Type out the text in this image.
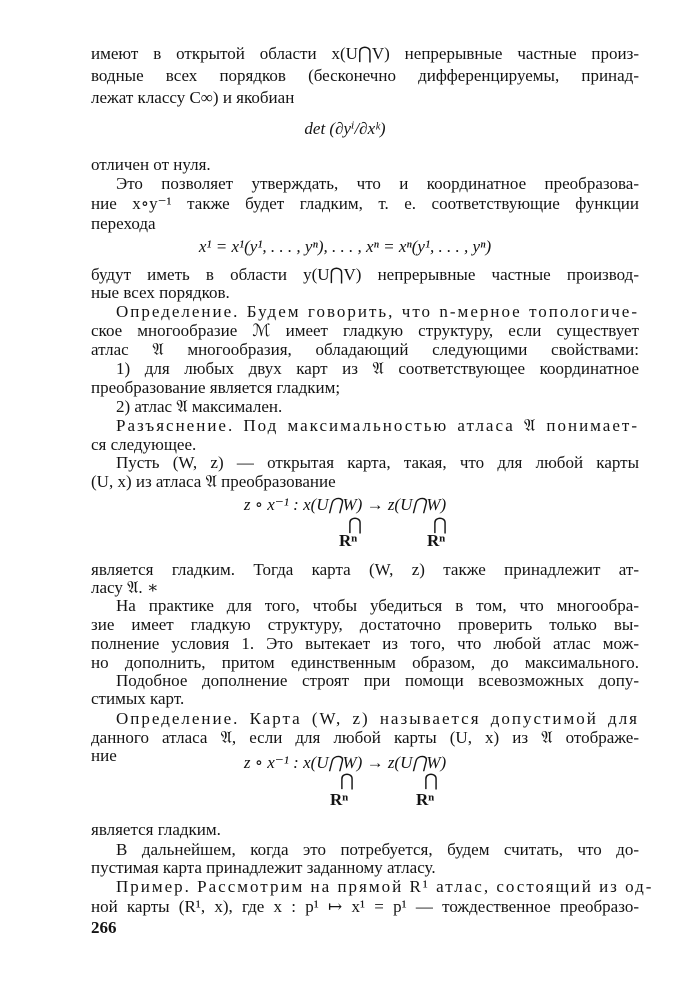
имеют в открытой области x(U⋂V) непрерывные частные произ-
водные всех порядков (бесконечно дифференцируемы, принад-
лежат классу C∞) и якобиан
det (∂yⁱ/∂xᵏ)
отличен от нуля.
Это позволяет утверждать, что и координатное преобразова-
ние x∘y⁻¹ также будет гладким, т. е. соответствующие функции
перехода
x¹ = x¹(y¹, . . . , yⁿ), . . . , xⁿ = xⁿ(y¹, . . . , yⁿ)
будут иметь в области y(U⋂V) непрерывные частные производ-
ные всех порядков.
Определение. Будем говорить, что n-мерное топологиче-
ское многообразие ℳ имеет гладкую структуру, если существует
атлас 𝔄 многообразия, обладающий следующими свойствами:
1) для любых двух карт из 𝔄 соответствующее координатное
преобразование является гладким;
2) атлас 𝔄 максимален.
Разъяснение. Под максимальностью атласа 𝔄 понимает-
ся следующее.
Пусть (W, z) — открытая карта, такая, что для любой карты
(U, x) из атласа 𝔄 преобразование
z ∘ x⁻¹ : x(U⋂W) → z(U⋂W)
⋂	⋂
Rⁿ	Rⁿ
является гладким. Тогда карта (W, z) также принадлежит ат-
ласу 𝔄. ∗
На практике для того, чтобы убедиться в том, что многообра-
зие имеет гладкую структуру, достаточно проверить только вы-
полнение условия 1. Это вытекает из того, что любой атлас мож-
но дополнить, притом единственным образом, до максимального.
Подобное дополнение строят при помощи всевозможных допу-
стимых карт.
Определение. Карта (W, z) называется допустимой для
данного атласа 𝔄, если для любой карты (U, x) из 𝔄 отображе-
ние	z ∘ x⁻¹ : x(U⋂W) → z(U⋂W)
⋂	⋂
Rⁿ	Rⁿ
является гладким.
В дальнейшем, когда это потребуется, будем считать, что до-
пустимая карта принадлежит заданному атласу.
Пример. Рассмотрим на прямой R¹ атлас, состоящий из од-
ной карты (R¹, x), где x : p¹ ↦ x¹ = p¹ — тождественное преобразо-
266
